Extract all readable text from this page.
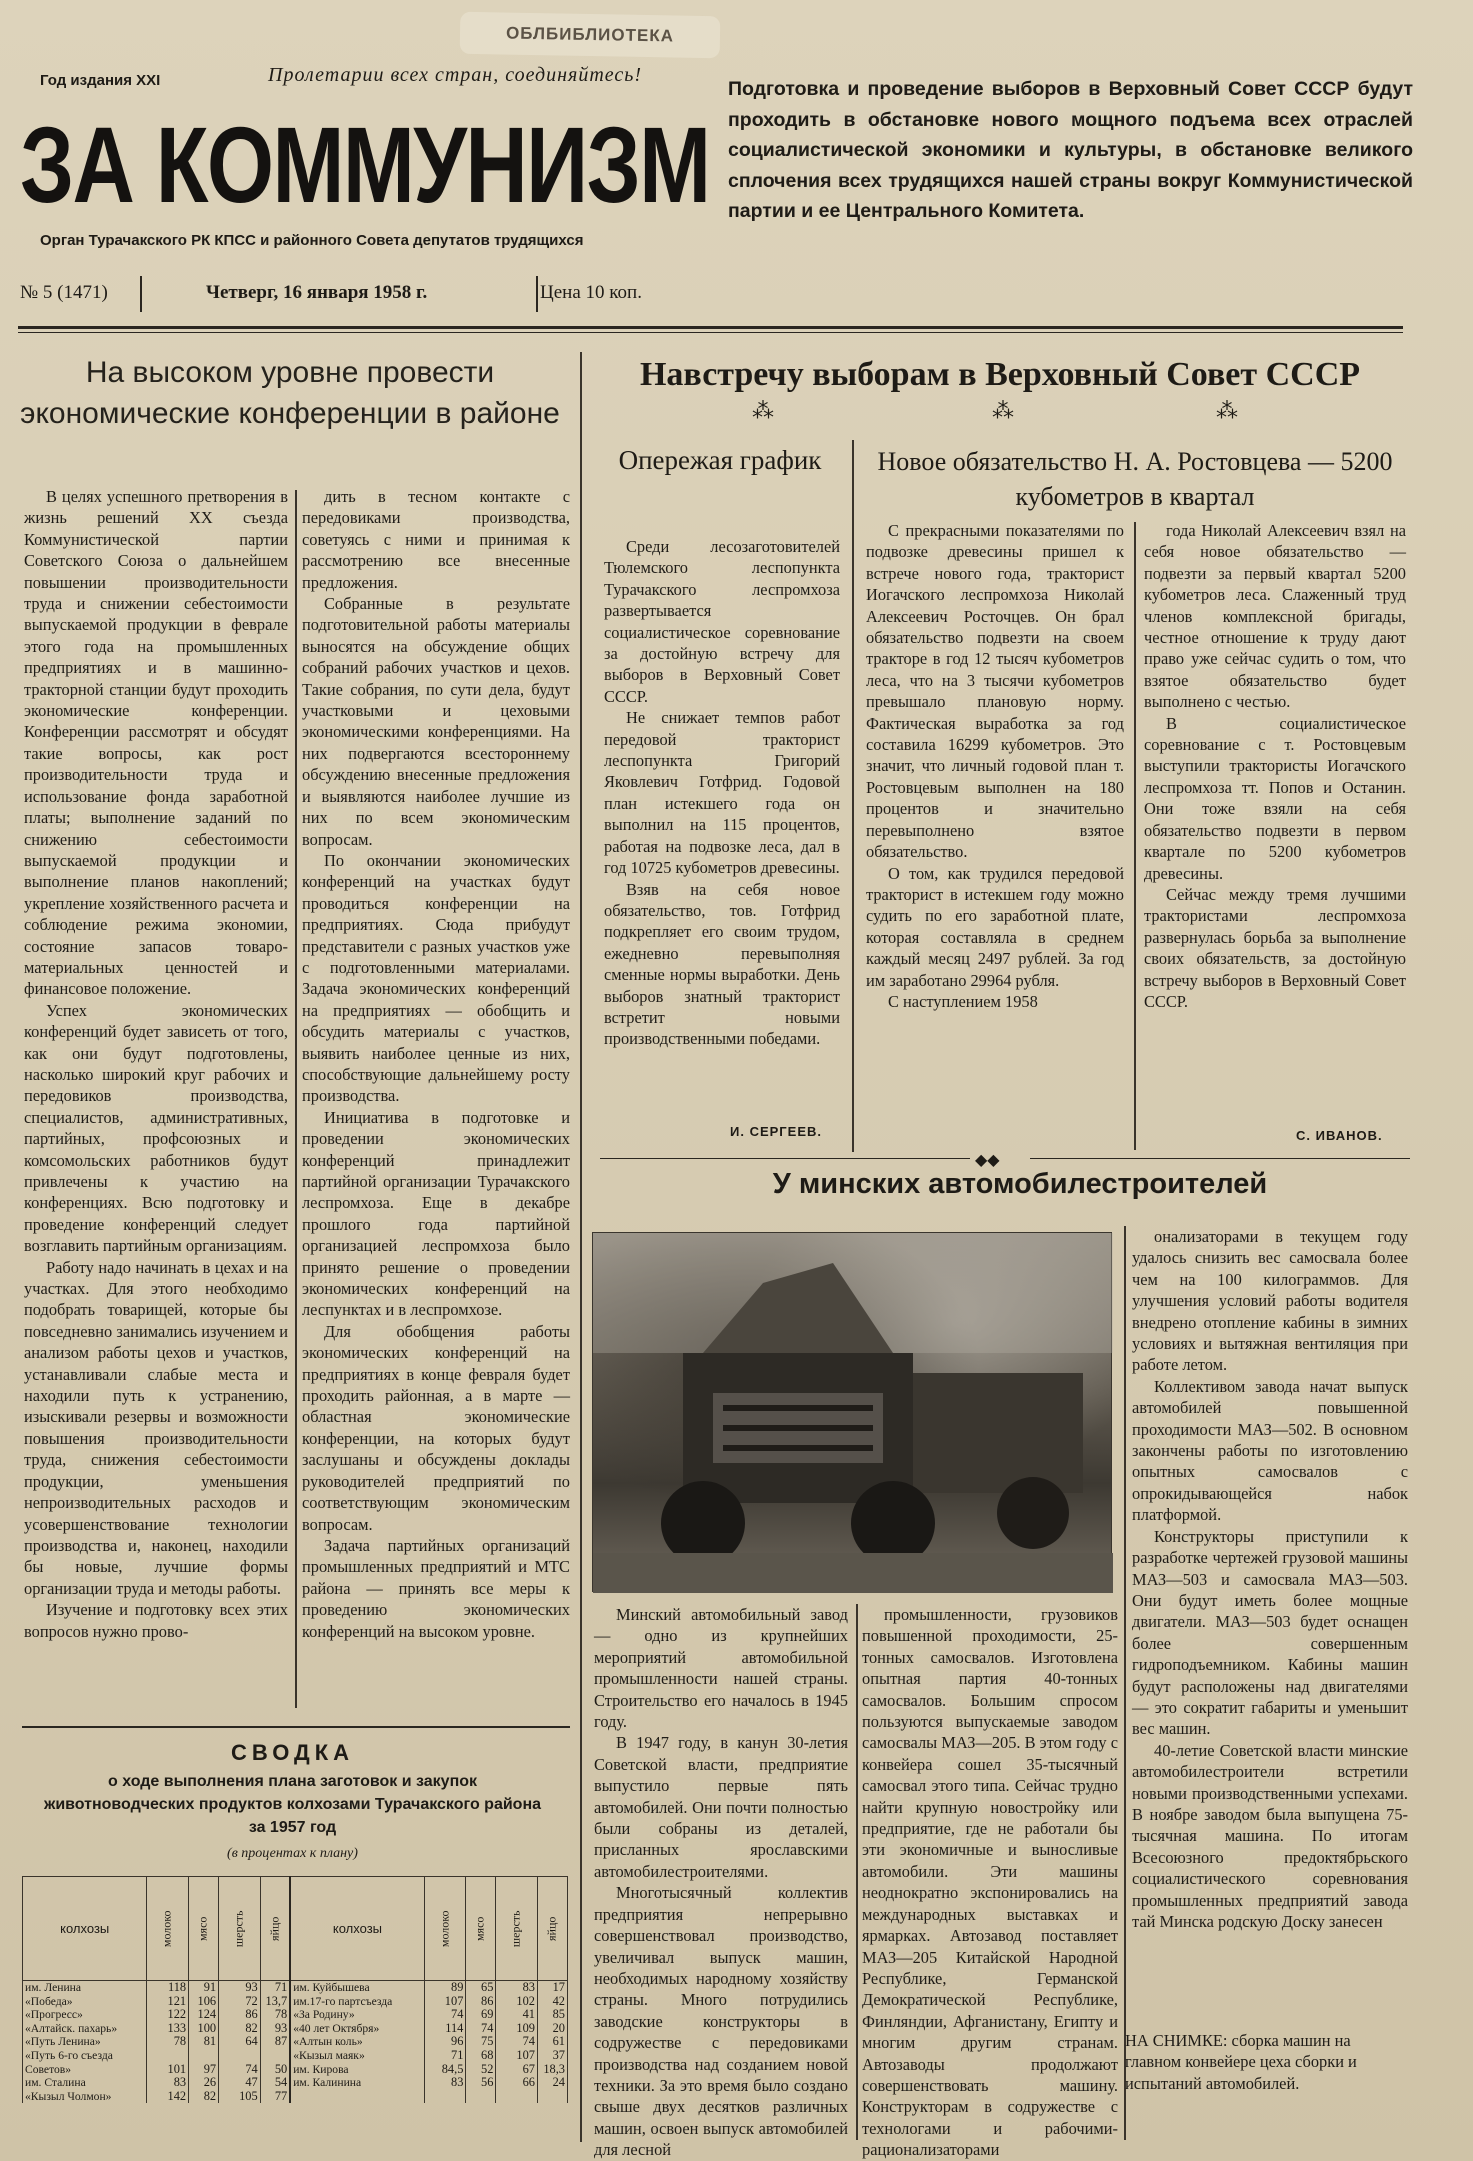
ОБЛБИБЛИОТЕКА
Год издания XXI	Пролетарии всех стран, соединяйтесь!
ЗА КОММУНИЗМ
Орган Турачакского РК КПСС и районного Совета депутатов трудящихся
Подготовка и проведение выборов в Верховный Совет СССР будут проходить в обстановке нового мощного подъема всех отраслей социалистической экономики и культуры, в обстановке великого сплочения всех трудящихся нашей страны вокруг Коммунистической партии и ее Центрального Комитета.
№ 5 (1471)	Четверг, 16 января 1958 г.	Цена 10 коп.
На высоком уровне провести экономические конференции в районе

В целях успешного претворения в жизнь решений XX съезда Коммунистической партии Советского Союза о дальнейшем повышении производительности труда и снижении себестоимости выпускаемой продукции в феврале этого года на промышленных предприятиях и в машинно-тракторной станции будут проходить экономические конференции. Конференции рассмотрят и обсудят такие вопросы, как рост производительности труда и использование фонда заработной платы; выполнение заданий по снижению себестоимости выпускаемой продукции и выполнение планов накоплений; укрепление хозяйственного расчета и соблюдение режима экономии, состояние запасов товаро-материальных ценностей и финансовое положение.

Успех экономических конференций будет зависеть от того, как они будут подготовлены, насколько широкий круг рабочих и передовиков производства, специалистов, административных, партийных, профсоюзных и комсомольских работников будут привлечены к участию на конференциях. Всю подготовку и проведение конференций следует возглавить партийным организациям.

Работу надо начинать в цехах и на участках. Для этого необходимо подобрать товарищей, которые бы повседневно занимались изучением и анализом работы цехов и участков, устанавливали слабые места и находили путь к устранению, изыскивали резервы и возможности повышения производительности труда, снижения себестоимости продукции, уменьшения непроизводительных расходов и усовершенствование технологии производства и, наконец, находили бы новые, лучшие формы организации труда и методы работы.

Изучение и подготовку всех этих вопросов нужно прово-

дить в тесном контакте с передовиками производства, советуясь с ними и принимая к рассмотрению все внесенные предложения.

Собранные в результате подготовительной работы материалы выносятся на обсуждение общих собраний рабочих участков и цехов. Такие собрания, по сути дела, будут участковыми и цеховыми экономическими конференциями. На них подвергаются всестороннему обсуждению внесенные предложения и выявляются наиболее лучшие из них по всем экономическим вопросам.

По окончании экономических конференций на участках будут проводиться конференции на предприятиях. Сюда прибудут представители с разных участков уже с подготовленными материалами. Задача экономических конференций на предприятиях — обобщить и обсудить материалы с участков, выявить наиболее ценные из них, способствующие дальнейшему росту производства.

Инициатива в подготовке и проведении экономических конференций принадлежит партийной организации Турачакского леспромхоза. Еще в декабре прошлого года партийной организацией леспромхоза было принято решение о проведении экономических конференций на леспунктах и в леспромхозе.

Для обобщения работы экономических конференций на предприятиях в конце февраля будет проходить районная, а в марте — областная экономические конференции, на которых будут заслушаны и обсуждены доклады руководителей предприятий по соответствующим экономическим вопросам.

Задача партийных организаций промышленных предприятий и МТС района — принять все меры к проведению экономических конференций на высоком уровне.

СВОДКА
о ходе выполнения плана заготовок и закупок животноводческих продуктов колхозами Турачакского района за 1957 год
(в процентах к плану)
колхозы	молоко	мясо	шерсть	яйцо	колхозы	молоко	мясо	шерсть	яйцо

им. Ленина	118	91	93	71	им. Куйбышева	89	65	83	17
«Победа»	121	106	72	13,7	им.17-го партсъезда	107	86	102	42
«Прогресс»	122	124	86	78	«За Родину»	74	69	41	85
«Алтайск. пахарь»	133	100	82	93	«40 лет Октября»	114	74	109	20
«Путь Ленина»	78	81	64	87	«Алтын коль»	96	75	74	61
«Путь 6-го съезда					«Кызыл маяк»	71	68	107	37
Советов»	101	97	74	50	им. Кирова	84,5	52	67	18,3
им. Сталина	83	26	47	54	им. Калинина	83	56	66	24
«Кызыл Чолмон»	142	82	105	77					
Навстречу выборам в Верховный Совет СССР
⁂	⁂	⁂
Опережая график

Среди лесозаготовителей Тюлемского леспопункта Турачакского леспромхоза развертывается социалистическое соревнование за достойную встречу для выборов в Верховный Совет СССР.

Не снижает темпов работ передовой тракторист леспопункта Григорий Яковлевич Готфрид. Годовой план истекшего года он выполнил на 115 процентов, работая на подвозке леса, дал в год 10725 кубометров древесины.

Взяв на себя новое обязательство, тов. Готфрид подкрепляет его своим трудом, ежедневно перевыполняя сменные нормы выработки. День выборов знатный тракторист встретит новыми производственными победами.

И. СЕРГЕЕВ.
Новое обязательство Н. А. Ростовцева — 5200 кубометров в квартал

С прекрасными показателями по подвозке древесины пришел к встрече нового года, тракторист Иогачского леспромхоза Николай Алексеевич Росточцев. Он брал обязательство подвезти на своем тракторе в год 12 тысяч кубометров леса, что на 3 тысячи кубометров превышало плановую норму. Фактическая выработка за год составила 16299 кубометров. Это значит, что личный годовой план т. Ростовцевым выполнен на 180 процентов и значительно перевыполнено взятое обязательство.

О том, как трудился передовой тракторист в истекшем году можно судить по его заработной плате, которая составляла в среднем каждый месяц 2497 рублей. За год им заработано 29964 рубля.

С наступлением 1958

года Николай Алексеевич взял на себя новое обязательство — подвезти за первый квартал 5200 кубометров леса. Слаженный труд членов комплексной бригады, честное отношение к труду дают право уже сейчас судить о том, что взятое обязательство будет выполнено с честью.

В социалистическое соревнование с т. Ростовцевым выступили трактористы Иогачского леспромхоза тт. Попов и Останин. Они тоже взяли на себя обязательство подвезти в первом квартале по 5200 кубометров древесины.

Сейчас между тремя лучшими трактористами леспромхоза развернулась борьба за выполнение своих обязательств, за достойную встречу выборов в Верховный Совет СССР.

С. ИВАНОВ.
◆◆
У минских автомобилестроителей

Минский автомобильный завод — одно из крупнейших мероприятий автомобильной промышленности нашей страны. Строительство его началось в 1945 году.

В 1947 году, в канун 30-летия Советской власти, предприятие выпустило первые пять автомобилей. Они почти полностью были собраны из деталей, присланных ярославскими автомобилестроителями.

Многотысячный коллектив предприятия непрерывно совершенствовал производство, увеличивал выпуск машин, необходимых народному хозяйству страны. Много потрудились заводские конструкторы в содружестве с передовиками производства над созданием новой техники. За это время было создано свыше двух десятков различных машин, освоен выпуск автомобилей для лесной

промышленности, грузовиков повышенной проходимости, 25-тонных самосвалов. Изготовлена опытная партия 40-тонных самосвалов. Большим спросом пользуются выпускаемые заводом самосвалы МАЗ—205. В этом году с конвейера сошел 35-тысячный самосвал этого типа. Сейчас трудно найти крупную новостройку или предприятие, где не работали бы эти экономичные и выносливые автомобили. Эти машины неоднократно экспонировались на международных выставках и ярмарках. Автозавод поставляет МАЗ—205 Китайской Народной Республике, Германской Демократической Республике, Финляндии, Афганистану, Египту и многим другим странам. Автозаводы продолжают совершенствовать машину. Конструкторам в содружестве с технологами и рабочими-рационализаторами

онализаторами в текущем году удалось снизить вес самосвала более чем на 100 килограммов. Для улучшения условий работы водителя внедрено отопление кабины в зимних условиях и вытяжная вентиляция при работе летом.

Коллективом завода начат выпуск автомобилей повышенной проходимости МАЗ—502. В основном закончены работы по изготовлению опытных самосвалов с опрокидывающейся набок платформой.

Конструкторы приступили к разработке чертежей грузовой машины МАЗ—503 и самосвала МАЗ—503. Они будут иметь более мощные двигатели. МАЗ—503 будет оснащен более совершенным гидроподъемником. Кабины машин будут расположены над двигателями — это сократит габариты и уменьшит вес машин.

40-летие Советской власти минские автомобилестроители встретили новыми производственными успехами. В ноябре заводом была выпущена 75-тысячная машина. По итогам Всесоюзного предоктябрьского социалистического соревнования промышленных предприятий завода тай Минска родскую Доску занесен

НА СНИМКЕ: сборка машин на главном конвейере цеха сборки и испытаний автомобилей.
